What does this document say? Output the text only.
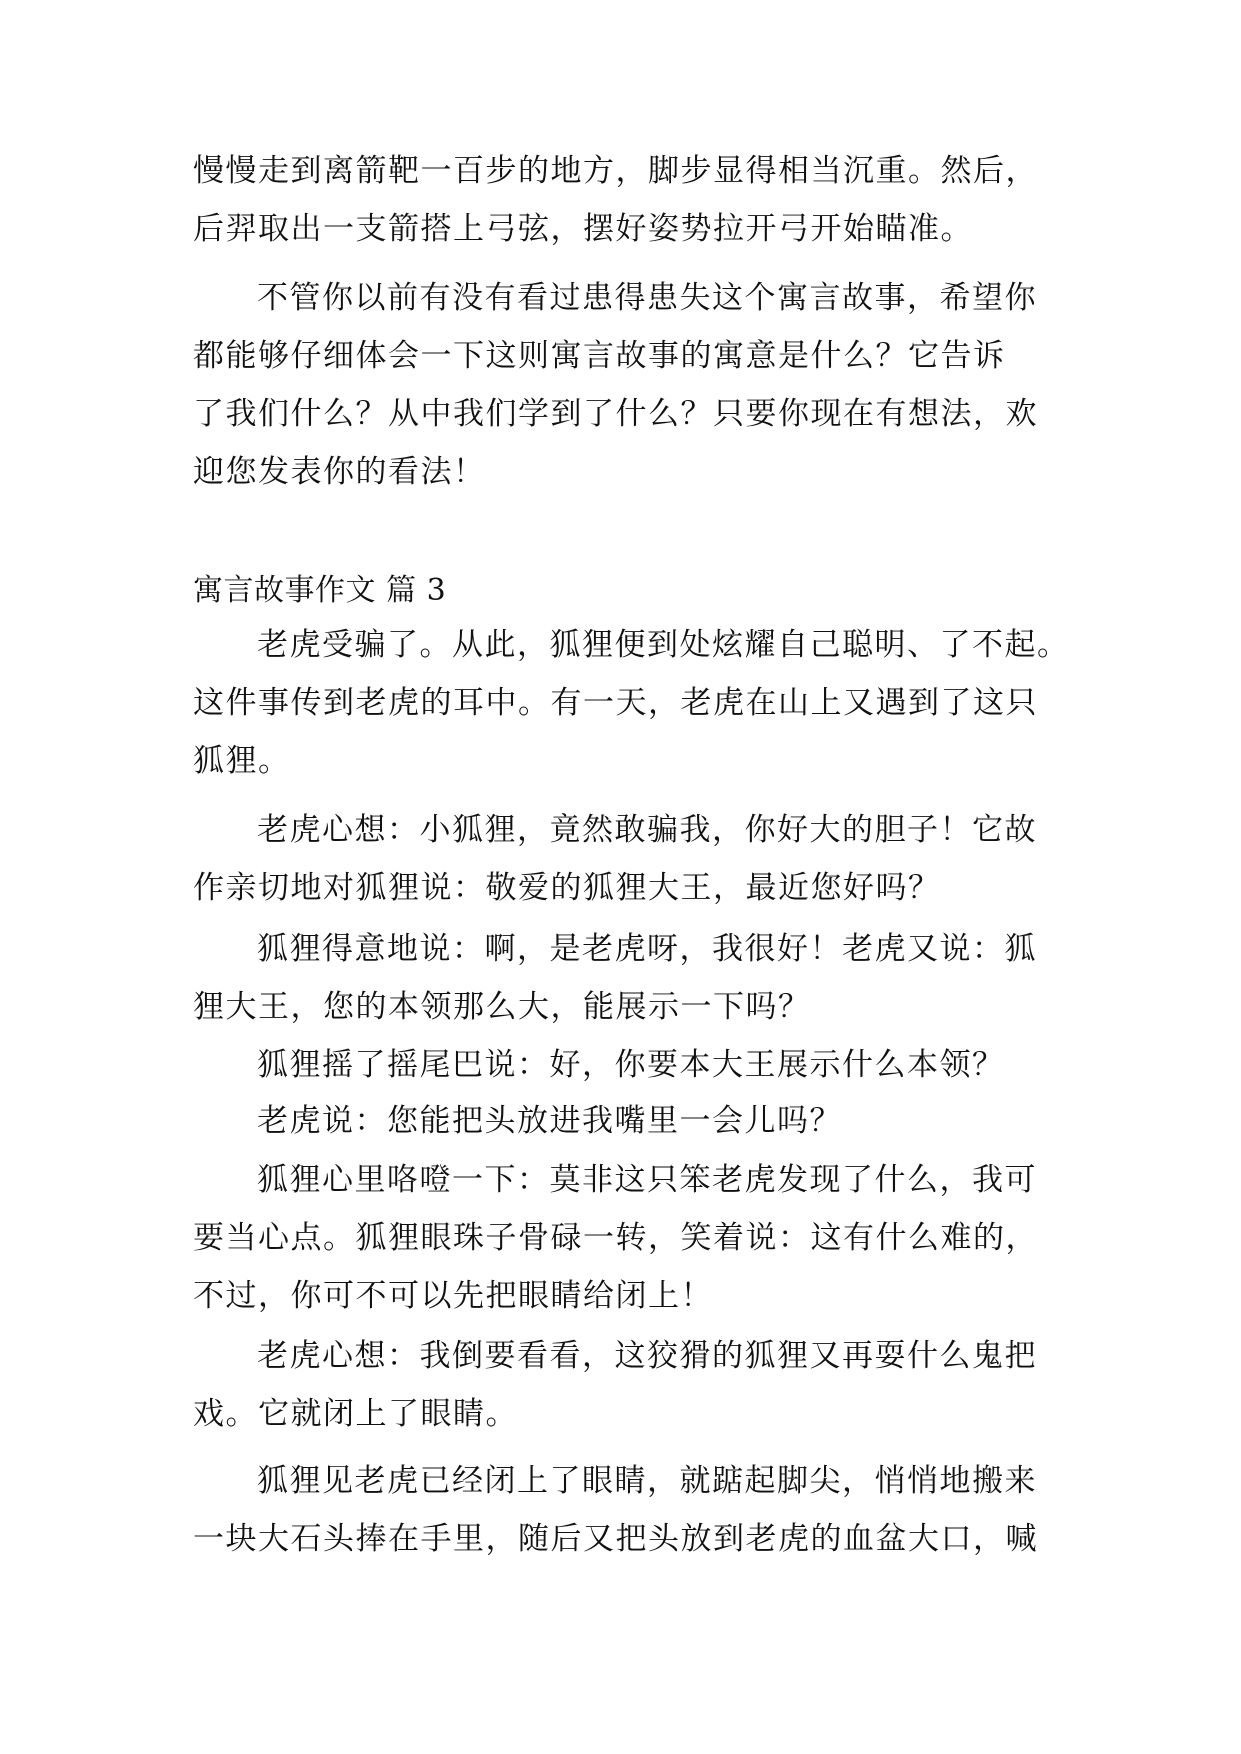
慢慢走到离箭靶一百步的地方，脚步显得相当沉重。然后，
后羿取出一支箭搭上弓弦，摆好姿势拉开弓开始瞄准。
不管你以前有没有看过患得患失这个寓言故事，希望你
都能够仔细体会一下这则寓言故事的寓意是什么？它告诉
了我们什么？从中我们学到了什么？只要你现在有想法，欢
迎您发表你的看法！
寓言故事作文 篇 3
老虎受骗了。从此，狐狸便到处炫耀自己聪明、了不起。
这件事传到老虎的耳中。有一天，老虎在山上又遇到了这只
狐狸。
老虎心想：小狐狸，竟然敢骗我，你好大的胆子！它故
作亲切地对狐狸说：敬爱的狐狸大王，最近您好吗？
狐狸得意地说：啊，是老虎呀，我很好！老虎又说：狐
狸大王，您的本领那么大，能展示一下吗？
狐狸摇了摇尾巴说：好，你要本大王展示什么本领？
老虎说：您能把头放进我嘴里一会儿吗？
狐狸心里咯噔一下：莫非这只笨老虎发现了什么，我可
要当心点。狐狸眼珠子骨碌一转，笑着说：这有什么难的，
不过，你可不可以先把眼睛给闭上！
老虎心想：我倒要看看，这狡猾的狐狸又再耍什么鬼把
戏。它就闭上了眼睛。
狐狸见老虎已经闭上了眼睛，就踮起脚尖，悄悄地搬来
一块大石头捧在手里，随后又把头放到老虎的血盆大口，喊
